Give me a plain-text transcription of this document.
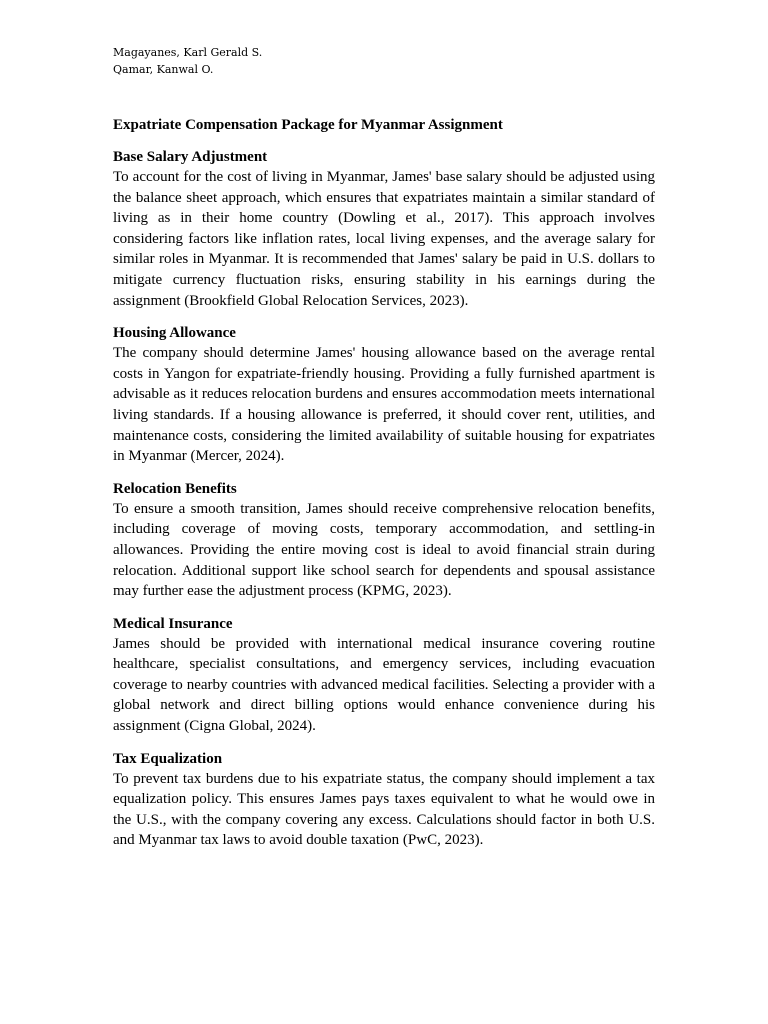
Magayanes, Karl Gerald S.
Qamar, Kanwal O.
Expatriate Compensation Package for Myanmar Assignment
Base Salary Adjustment
To account for the cost of living in Myanmar, James' base salary should be adjusted using the balance sheet approach, which ensures that expatriates maintain a similar standard of living as in their home country (Dowling et al., 2017). This approach involves considering factors like inflation rates, local living expenses, and the average salary for similar roles in Myanmar. It is recommended that James' salary be paid in U.S. dollars to mitigate currency fluctuation risks, ensuring stability in his earnings during the assignment (Brookfield Global Relocation Services, 2023).
Housing Allowance
The company should determine James' housing allowance based on the average rental costs in Yangon for expatriate-friendly housing. Providing a fully furnished apartment is advisable as it reduces relocation burdens and ensures accommodation meets international living standards. If a housing allowance is preferred, it should cover rent, utilities, and maintenance costs, considering the limited availability of suitable housing for expatriates in Myanmar (Mercer, 2024).
Relocation Benefits
To ensure a smooth transition, James should receive comprehensive relocation benefits, including coverage of moving costs, temporary accommodation, and settling-in allowances. Providing the entire moving cost is ideal to avoid financial strain during relocation. Additional support like school search for dependents and spousal assistance may further ease the adjustment process (KPMG, 2023).
Medical Insurance
James should be provided with international medical insurance covering routine healthcare, specialist consultations, and emergency services, including evacuation coverage to nearby countries with advanced medical facilities. Selecting a provider with a global network and direct billing options would enhance convenience during his assignment (Cigna Global, 2024).
Tax Equalization
To prevent tax burdens due to his expatriate status, the company should implement a tax equalization policy. This ensures James pays taxes equivalent to what he would owe in the U.S., with the company covering any excess. Calculations should factor in both U.S. and Myanmar tax laws to avoid double taxation (PwC, 2023).
